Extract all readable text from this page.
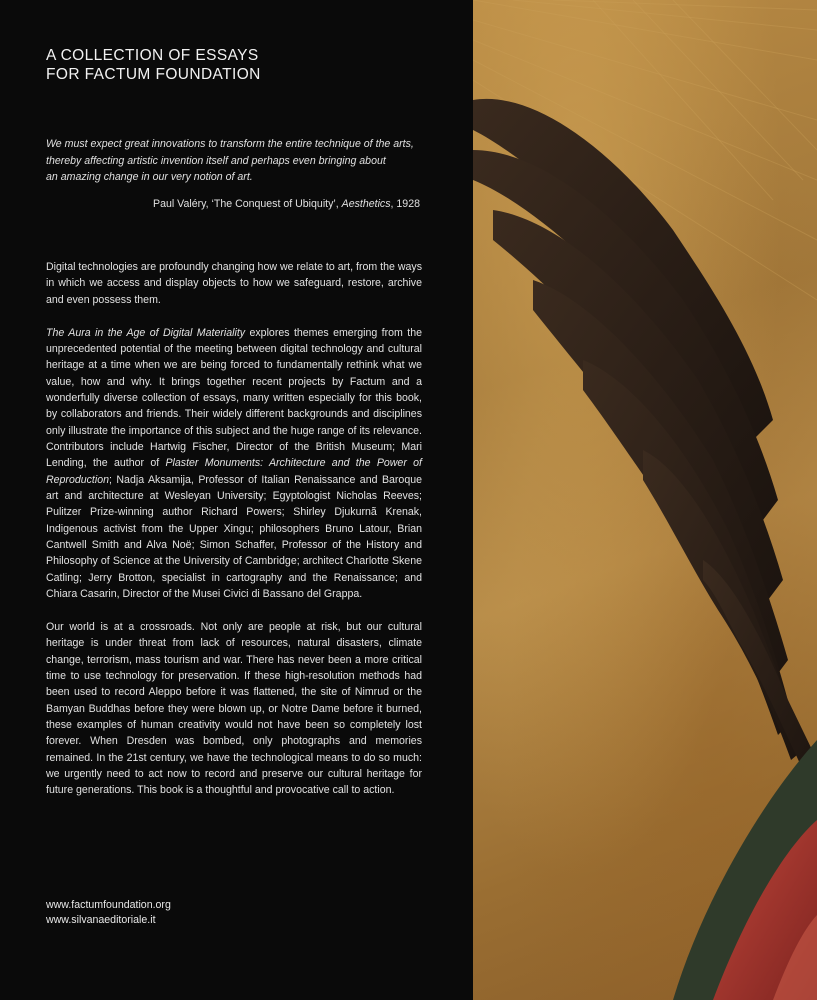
A COLLECTION OF ESSAYS
FOR FACTUM FOUNDATION

We must expect great innovations to transform the entire technique of the arts,
thereby affecting artistic invention itself and perhaps even bringing about
an amazing change in our very notion of art.

Paul Valéry, ‘The Conquest of Ubiquity’, Aesthetics, 1928

Digital technologies are profoundly changing how we relate to art, from the ways in which we access and display objects to how we safeguard, restore, archive and even possess them.

The Aura in the Age of Digital Materiality explores themes emerging from the unprecedented potential of the meeting between digital technology and cultural heritage at a time when we are being forced to fundamentally rethink what we value, how and why. It brings together recent projects by Factum and a wonderfully diverse collection of essays, many written especially for this book, by collaborators and friends. Their widely different backgrounds and disciplines only illustrate the importance of this subject and the huge range of its relevance. Contributors include Hartwig Fischer, Director of the British Museum; Mari Lending, the author of Plaster Monuments: Architecture and the Power of Reproduction; Nadja Aksamija, Professor of Italian Renaissance and Baroque art and architecture at Wesleyan University; Egyptologist Nicholas Reeves; Pulitzer Prize-winning author Richard Powers; Shirley Djukurnã Krenak, Indigenous activist from the Upper Xingu; philosophers Bruno Latour, Brian Cantwell Smith and Alva Noë; Simon Schaffer, Professor of the History and Philosophy of Science at the University of Cambridge; architect Charlotte Skene Catling; Jerry Brotton, specialist in cartography and the Renaissance; and Chiara Casarin, Director of the Musei Civici di Bassano del Grappa.

Our world is at a crossroads. Not only are people at risk, but our cultural heritage is under threat from lack of resources, natural disasters, climate change, terrorism, mass tourism and war. There has never been a more critical time to use technology for preservation. If these high-resolution methods had been used to record Aleppo before it was flattened, the site of Nimrud or the Bamyan Buddhas before they were blown up, or Notre Dame before it burned, these examples of human creativity would not have been so completely lost forever. When Dresden was bombed, only photographs and memories remained. In the 21st century, we have the technological means to do so much: we urgently need to act now to record and preserve our cultural heritage for future generations. This book is a thoughtful and provocative call to action.

www.factumfoundation.org
www.silvanaeditoriale.it
